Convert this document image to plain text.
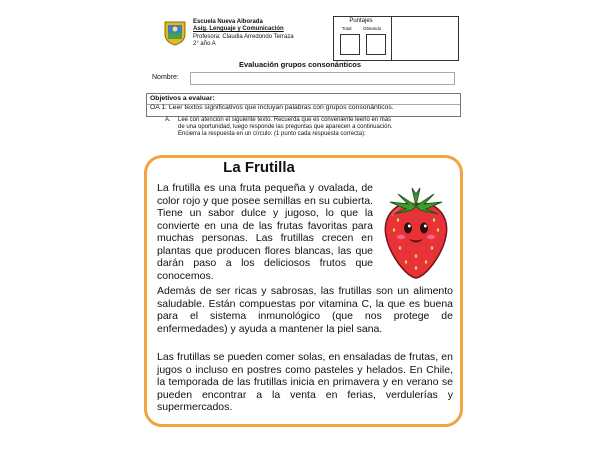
Escuela Nueva Alborada
Asig. Lenguaje y Comunicación
Profesora: Claudia Arredondo Terraza
2° año A
Puntajes
Total	Obtenido
Evaluación grupos consonánticos
Nombre:
Objetivos a evaluar:
OA 1: Leer textos significativos que incluyan palabras con grupos consonánticos.
A. Lee con atención el siguiente texto. Recuerda que es conveniente leerlo en más
de una oportunidad, luego responde las preguntas que aparecen a continuación.
Encierra la respuesta en un círculo: (1 punto cada respuesta correcta):
La Frutilla
La frutilla es una fruta pequeña y ovalada, de color rojo y que posee semillas en su cubierta. Tiene un sabor dulce y jugoso, lo que la convierte en una de las frutas favoritas para muchas personas. Las frutillas crecen en plantas que producen flores blancas, las que darán paso a los deliciosos frutos que conocemos.
Además de ser ricas y sabrosas, las frutillas son un alimento saludable. Están compuestas por vitamina C, la que es buena para el sistema inmunológico (que nos protege de enfermedades) y ayuda a mantener la piel sana.
Las frutillas se pueden comer solas, en ensaladas de frutas, en jugos o incluso en postres como pasteles y helados. En Chile, la temporada de las frutillas inicia en primavera y en verano se pueden encontrar a la venta en ferias, verdulerías y supermercados.
